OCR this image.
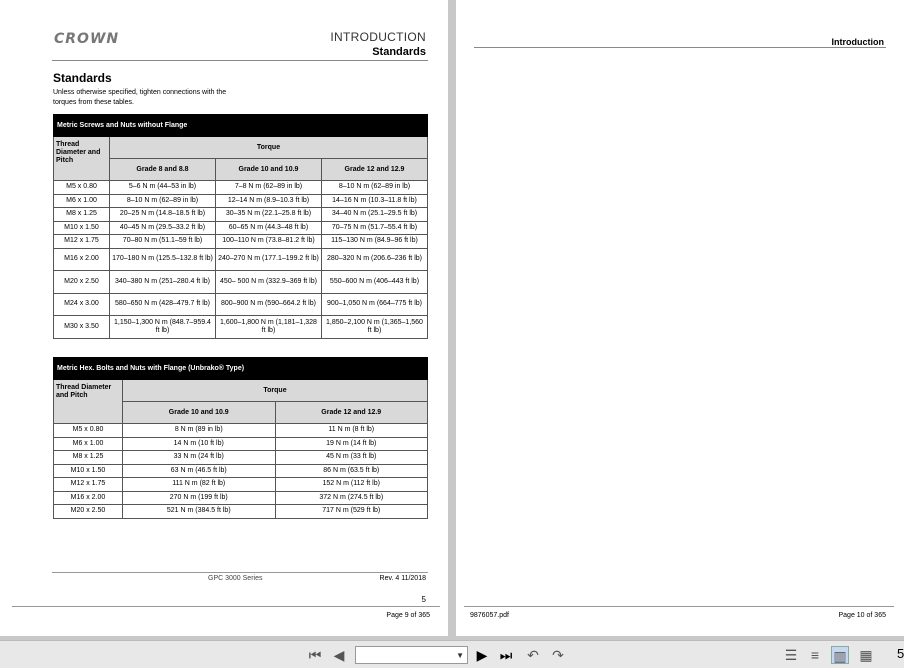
CROWN	INTRODUCTION
Standards
Standards
Unless otherwise specified, tighten connections with the torques from these tables.
Metric Screws and Nuts without Flange			
Thread Diameter and Pitch	Torque		
	Grade 8 and 8.8	Grade 10 and 10.9	Grade 12 and 12.9
M5 x 0.80	5–6 N m (44–53 in lb)	7–8 N m (62–89 in lb)	8–10 N m (62–89 in lb)
M6 x 1.00	8–10 N m (62–89 in lb)	12–14 N m (8.9–10.3 ft lb)	14–16 N m (10.3–11.8 ft lb)
M8 x 1.25	20–25 N m (14.8–18.5 ft lb)	30–35 N m (22.1–25.8 ft lb)	34–40 N m (25.1–29.5 ft lb)
M10 x 1.50	40–45 N m (29.5–33.2 ft lb)	60–65 N m (44.3–48 ft lb)	70–75 N m (51.7–55.4 ft lb)
M12 x 1.75	70–80 N m (51.1–59 ft lb)	100–110 N m (73.8–81.2 ft lb)	115–130 N m (84.9–96 ft lb)
M16 x 2.00	170–180 N m (125.5–132.8 ft lb)	240–270 N m (177.1–199.2 ft lb)	280–320 N m (206.6–236 ft lb)
M20 x 2.50	340–380 N m (251–280.4 ft lb)	450– 500 N m (332.9–369 ft lb)	550–600 N m (406–443 ft lb)
M24 x 3.00	580–650 N m (428–479.7 ft lb)	800–900 N m (590–664.2 ft lb)	900–1,050 N m (664–775 ft lb)
M30 x 3.50	1,150–1,300 N m (848.7–959.4 ft lb)	1,600–1,800 N m (1,181–1,328 ft lb)	1,850–2,100 N m (1,365–1,560 ft lb)
Metric Hex. Bolts and Nuts with Flange (Unbrako® Type)		
Thread Diameter and Pitch	Torque	
	Grade 10 and 10.9	Grade 12 and 12.9
M5 x 0.80	8 N m (89 in lb)	11 N m (8 ft lb)
M6 x 1.00	14 N m (10 ft lb)	19 N m (14 ft lb)
M8 x 1.25	33 N m (24 ft lb)	45 N m (33 ft lb)
M10 x 1.50	63 N m (46.5 ft lb)	86 N m (63.5 ft lb)
M12 x 1.75	111 N m (82 ft lb)	152 N m (112 ft lb)
M16 x 2.00	270 N m (199 ft lb)	372 N m (274.5 ft lb)
M20 x 2.50	521 N m (384.5 ft lb)	717 N m (529 ft lb)
GPC 3000 Series	Rev. 4 11/2018
5
Page 9 of 365
Introduction
9876057.pdf	Page 10 of 365
⏮ ◀	▼ ▶ ⏭ ↶ ↷	☰ ≡	▥ ▦ 5
